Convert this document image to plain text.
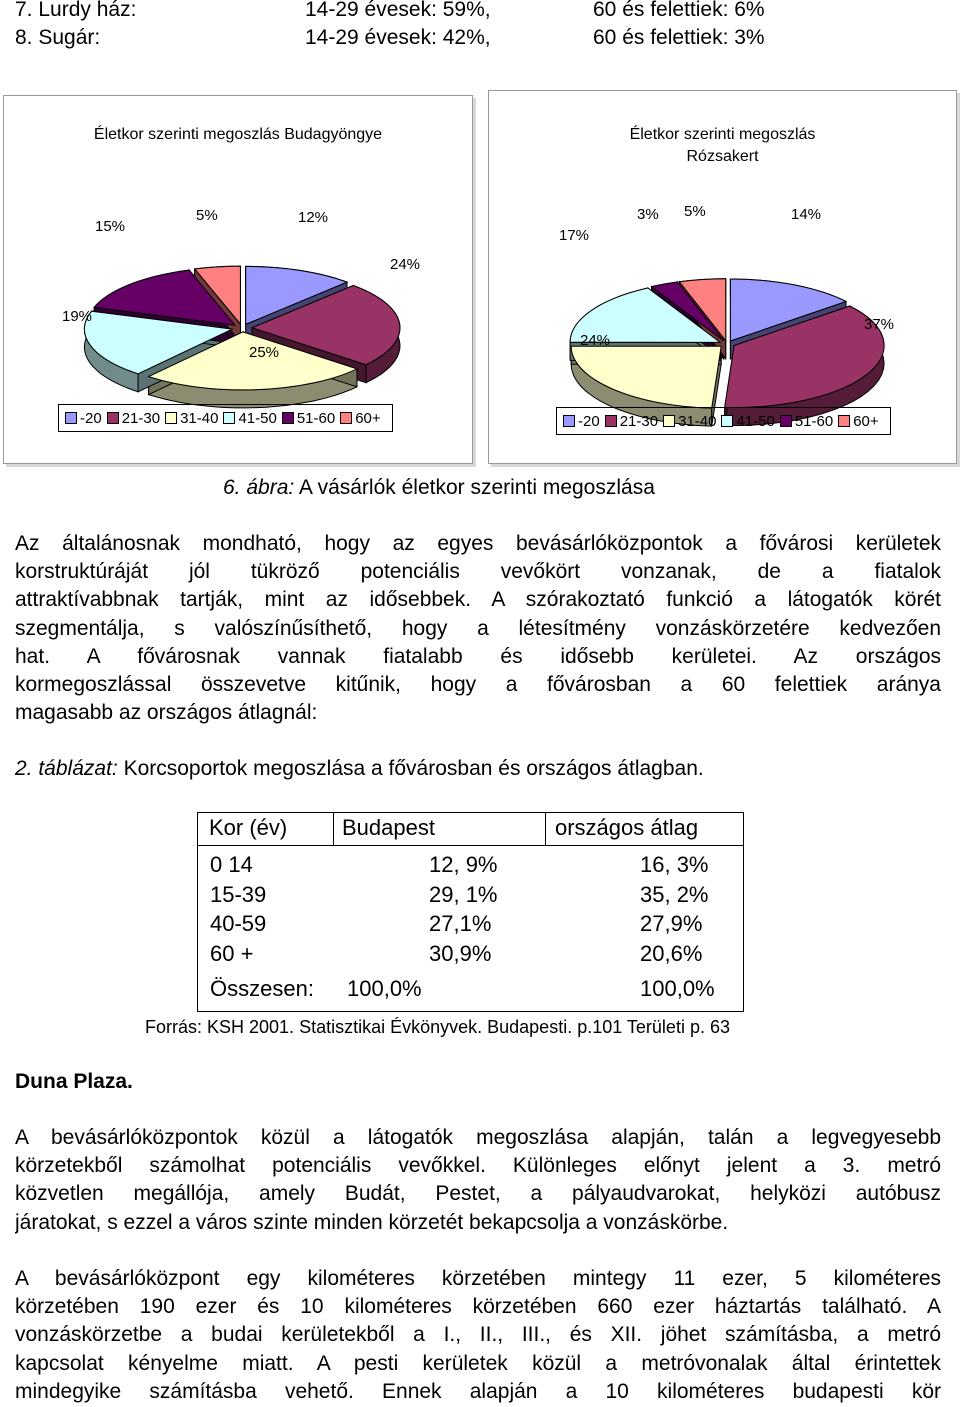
7. Lurdy ház:	14-29 évesek: 59%,	60 és felettiek: 6%
8. Sugár:	14-29 évesek: 42%,	60 és felettiek: 3%
Életkor szerinti megoszlás Budagyöngye
15%
5%	12%
24%
19%
25%
-20 21-30 31-40 41-50 51-60 60+
Életkor szerinti megoszlás Rózsakert
17%
3% 5%	14%
37%
24%
-20 21-30 31-40 41-50 51-60 60+
6. ábra: A vásárlók életkor szerinti megoszlása
Az általánosnak mondható, hogy az egyes bevásárlóközpontok a fővárosi kerületek
korstruktúráját jól tükröző potenciális vevőkört vonzanak, de a fiatalok
attraktívabbnak tartják, mint az idősebbek. A szórakoztató funkció a látogatók körét
szegmentálja, s valószínűsíthető, hogy a létesítmény vonzáskörzetére kedvezően
hat. A fővárosnak vannak fiatalabb és idősebb kerületei. Az országos
kormegoszlással összevetve kitűnik, hogy a fővárosban a 60 felettiek aránya
magasabb az országos átlagnál:
2. táblázat: Korcsoportok megoszlása a fővárosban és országos átlagban.
Kor (év) Budapest	országos átlag
0 14	12, 9%	16, 3%
15-39	29, 1%	35, 2%
40-59	27,1%	27,9%
60 +	30,9%	20,6%
Összesen: 100,0%	100,0%
Forrás: KSH 2001. Statisztikai Évkönyvek. Budapesti. p.101 Területi p. 63
Duna Plaza.
A bevásárlóközpontok közül a látogatók megoszlása alapján, talán a legvegyesebb
körzetekből számolhat potenciális vevőkkel. Különleges előnyt jelent a 3. metró
közvetlen megállója, amely Budát, Pestet, a pályaudvarokat, helyközi autóbusz
járatokat, s ezzel a város szinte minden körzetét bekapcsolja a vonzáskörbe.
A bevásárlóközpont egy kilométeres körzetében mintegy 11 ezer, 5 kilométeres
körzetében 190 ezer és 10 kilométeres körzetében 660 ezer háztartás található. A
vonzáskörzetbe a budai kerületekből a I., II., III., és XII. jöhet számításba, a metró
kapcsolat kényelme miatt. A pesti kerületek közül a metróvonalak által érintettek
mindegyike számításba vehető. Ennek alapján a 10 kilométeres budapesti kör
